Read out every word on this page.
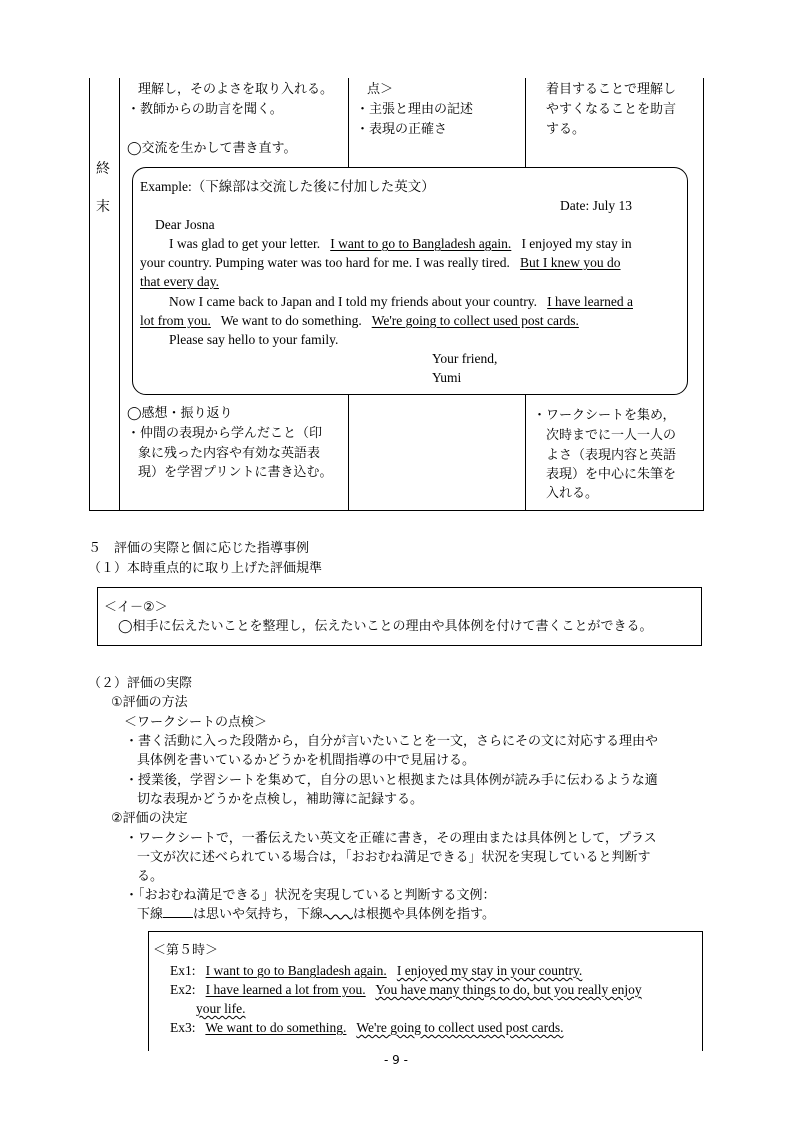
終
末
理解し，そのよさを取り入れる。
・教師からの助言を聞く。
◯交流を生かして書き直す。
点＞
・主張と理由の記述
・表現の正確さ
着目することで理解し
やすくなることを助言
する。
Example:（下線部は交流した後に付加した英文）
Date: July 13
Dear Josna
I was glad to get your letter. I want to go to Bangladesh again. I enjoyed my stay in
your country. Pumping water was too hard for me. I was really tired. But I knew you do
that every day.
Now I came back to Japan and I told my friends about your country. I have learned a
lot from you. We want to do something. We're going to collect used post cards.
Please say hello to your family.
Your friend,
Yumi
◯感想・振り返り
・仲間の表現から学んだこと（印
象に残った内容や有効な英語表
現）を学習プリントに書き込む。
・ワークシートを集め，
次時までに一人一人の
よさ（表現内容と英語
表現）を中心に朱筆を
入れる。
５　評価の実際と個に応じた指導事例
（１）本時重点的に取り上げた評価規準
＜イ－②＞
◯相手に伝えたいことを整理し，伝えたいことの理由や具体例を付けて書くことができる。
（２）評価の実際
①評価の方法
＜ワークシートの点検＞
・書く活動に入った段階から，自分が言いたいことを一文，さらにその文に対応する理由や
具体例を書いているかどうかを机間指導の中で見届ける。
・授業後，学習シートを集めて，自分の思いと根拠または具体例が読み手に伝わるような適
切な表現かどうかを点検し，補助簿に記録する。
②評価の決定
・ワークシートで，一番伝えたい英文を正確に書き，その理由または具体例として，プラス
一文が次に述べられている場合は，「おおむね満足できる」状況を実現していると判断す
る。
・「おおむね満足できる」状況を実現していると判断する文例：
下線 は思いや気持ち，下線 は根拠や具体例を指す。
＜第５時＞
Ex1: I want to go to Bangladesh again. I enjoyed my stay in your country.
Ex2: I have learned a lot from you. You have many things to do, but you really enjoy
your life.
Ex3: We want to do something. We're going to collect used post cards.
- 9 -
